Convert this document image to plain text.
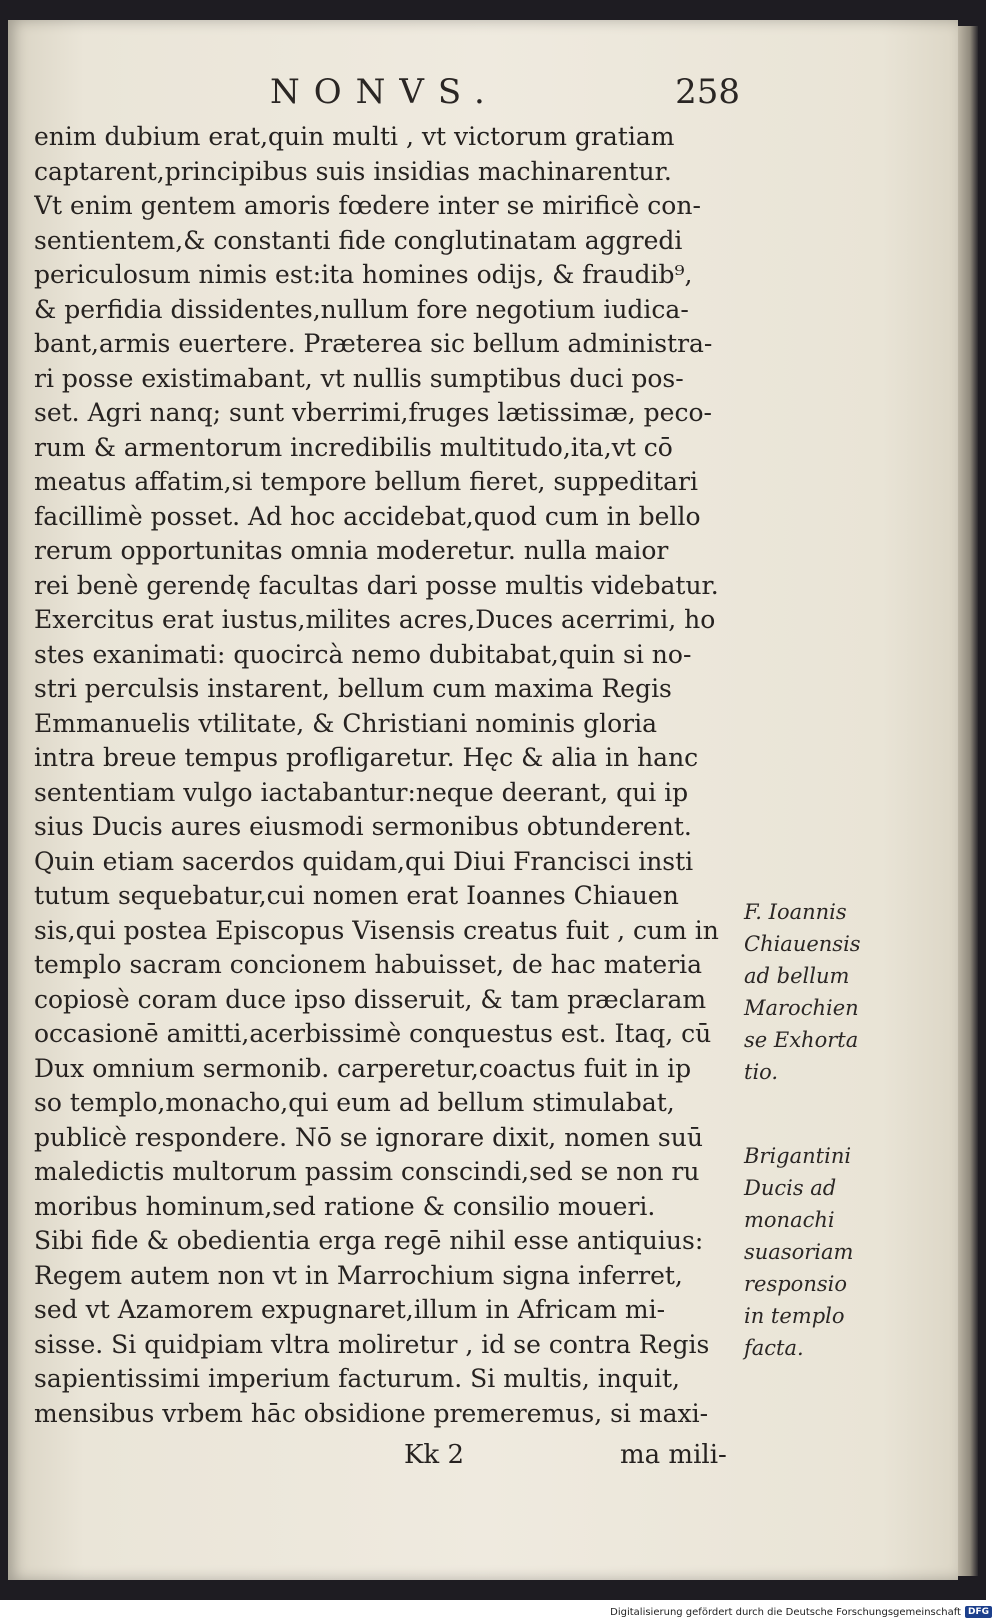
NONVS.	258
enim dubium erat,quin multi , vt victorum gratiam
captarent,principibus suis insidias machinarentur.
Vt enim gentem amoris fœdere inter se mirificè con-
sentientem,& constanti fide conglutinatam aggredi
periculosum nimis est:ita homines odijs, & fraudib⁹,
& perfidia dissidentes,nullum fore negotium iudica-
bant,armis euertere. Præterea sic bellum administra-
ri posse existimabant, vt nullis sumptibus duci pos-
set. Agri nanq; sunt vberrimi,fruges lætissimæ, peco-
rum & armentorum incredibilis multitudo,ita,vt cō
meatus affatim,si tempore bellum fieret, suppeditari
facillimè posset. Ad hoc accidebat,quod cum in bello
rerum opportunitas omnia moderetur. nulla maior
rei benè gerendę facultas dari posse multis videbatur.
Exercitus erat iustus,milites acres,Duces acerrimi, ho
stes exanimati: quocircà nemo dubitabat,quin si no-
stri perculsis instarent, bellum cum maxima Regis
Emmanuelis vtilitate, & Christiani nominis gloria
intra breue tempus profligaretur. Hęc & alia in hanc
sententiam vulgo iactabantur:neque deerant, qui ip
sius Ducis aures eiusmodi sermonibus obtunderent.
Quin etiam sacerdos quidam,qui Diui Francisci insti
tutum sequebatur,cui nomen erat Ioannes Chiauen
sis,qui postea Episcopus Visensis creatus fuit , cum in
templo sacram concionem habuisset, de hac materia
copiosè coram duce ipso disseruit, & tam præclaram
occasionē amitti,acerbissimè conquestus est. Itaq, cū
Dux omnium sermonib. carperetur,coactus fuit in ip
so templo,monacho,qui eum ad bellum stimulabat,
publicè respondere. Nō se ignorare dixit, nomen suū
maledictis multorum passim conscindi,sed se non ru
moribus hominum,sed ratione & consilio moueri.
Sibi fide & obedientia erga regē nihil esse antiquius:
Regem autem non vt in Marrochium signa inferret,
sed vt Azamorem expugnaret,illum in Africam mi-
sisse. Si quidpiam vltra moliretur , id se contra Regis
sapientissimi imperium facturum. Si multis, inquit,
mensibus vrbem hāc obsidione premeremus, si maxi-
F. Ioannis
Chiauensis
ad bellum
Marochien
se Exhorta
tio.
Brigantini
Ducis ad
monachi
suasoriam
responsio
in templo
facta.
Kk 2	ma mili-
Digitalisierung gefördert durch die Deutsche Forschungsgemeinschaft DFG
